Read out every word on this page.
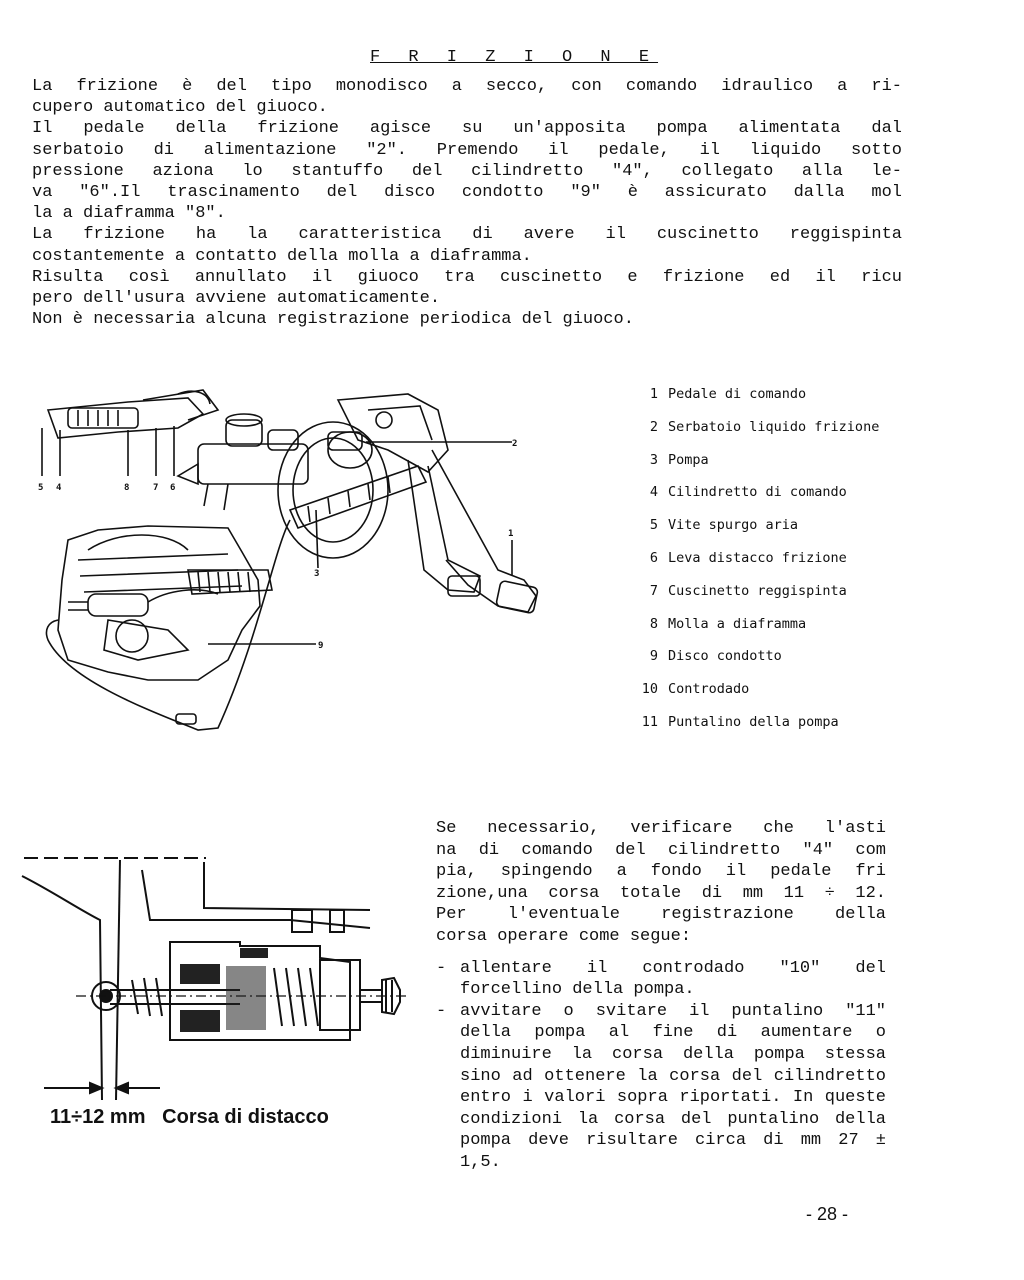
F R I Z I O N E

La frizione è del tipo monodisco a secco, con comando idraulico a ri-

cupero automatico del giuoco.

Il pedale della frizione agisce su un'apposita pompa alimentata dal

serbatoio di alimentazione "2". Premendo il pedale, il liquido sotto

pressione aziona lo stantuffo del cilindretto "4", collegato alla le-

va "6".Il trascinamento del disco condotto "9" è assicurato dalla mol

la a diaframma "8".

La frizione ha la caratteristica di avere il cuscinetto reggispinta

costantemente a contatto della molla a diaframma.

Risulta così annullato il giuoco tra cuscinetto e frizione ed il ricu

pero dell'usura avviene automaticamente.

Non è necessaria alcuna registrazione periodica del giuoco.

5 4	8	7 6
2
3
1
9
1 Pedale di comando
2 Serbatoio liquido frizione
3 Pompa
4 Cilindretto di comando
5 Vite spurgo aria
6 Leva distacco frizione
7 Cuscinetto reggispinta
8 Molla a diaframma
9 Disco condotto
10 Controdado
11 Puntalino della pompa
11÷12 mm   Corsa di distacco

Se necessario, verificare che l'asti

na di comando del cilindretto "4" com

pia, spingendo a fondo il pedale fri

zione,una corsa totale di mm 11 ÷ 12.

Per l'eventuale registrazione della

corsa operare come segue:

- allentare il controdado "10" del forcellino della pompa.
- avvitare o svitare il puntalino "11" della pompa al fine di aumentare o diminuire la corsa della pompa stessa sino ad ottenere la corsa del cilindretto entro i valori sopra riportati. In queste condizioni la corsa del puntalino della pompa deve risultare circa di mm 27 ± 1,5.
- 28 -
